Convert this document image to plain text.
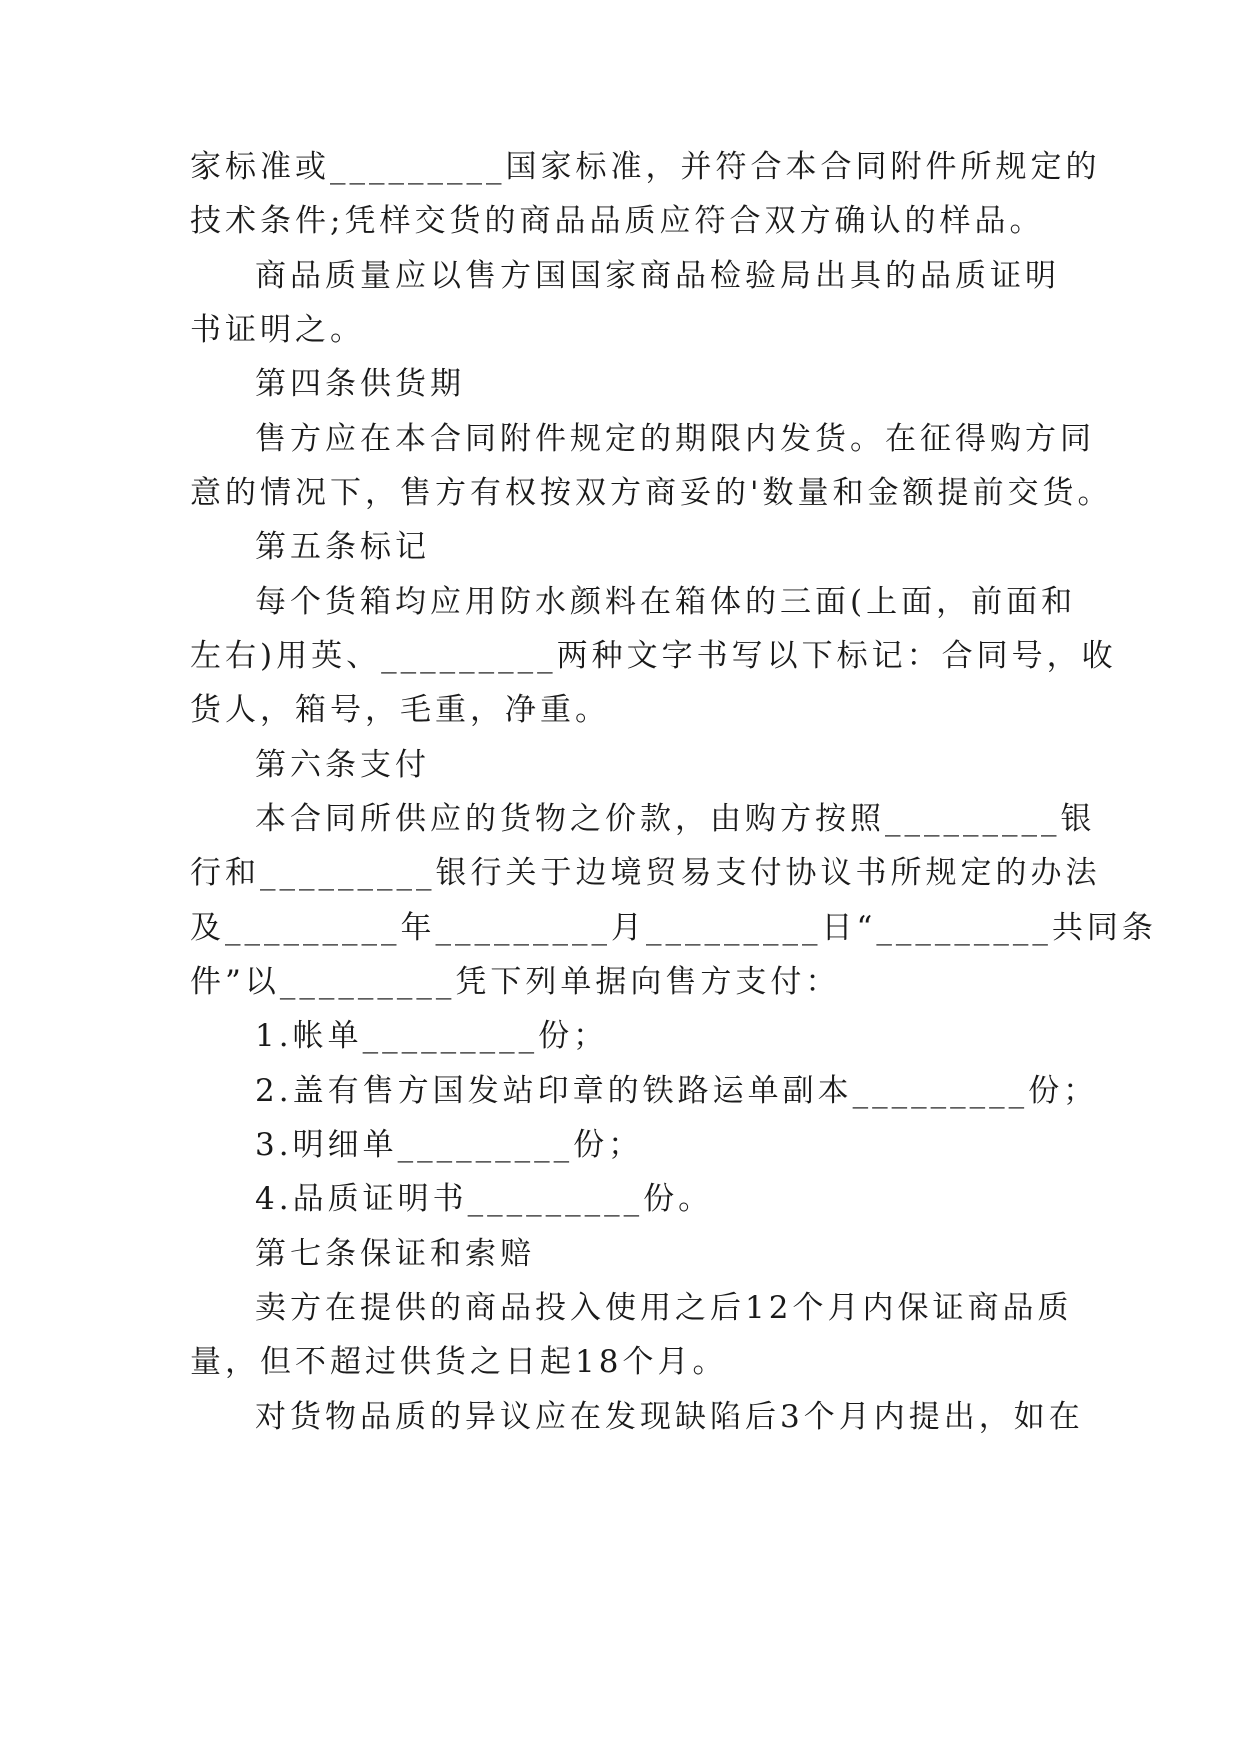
家标准或_________国家标准，并符合本合同附件所规定的
技术条件;凭样交货的商品品质应符合双方确认的样品。
商品质量应以售方国国家商品检验局出具的品质证明
书证明之。
第四条供货期
售方应在本合同附件规定的期限内发货。在征得购方同
意的情况下，售方有权按双方商妥的'数量和金额提前交货。
第五条标记
每个货箱均应用防水颜料在箱体的三面(上面，前面和
左右)用英、_________两种文字书写以下标记：合同号，收
货人，箱号，毛重，净重。
第六条支付
本合同所供应的货物之价款，由购方按照_________银
行和_________银行关于边境贸易支付协议书所规定的办法
及_________年_________月_________日“_________共同条
件”以_________凭下列单据向售方支付：
1.帐单_________份；
2.盖有售方国发站印章的铁路运单副本_________份；
3.明细单_________份；
4.品质证明书_________份。
第七条保证和索赔
卖方在提供的商品投入使用之后12个月内保证商品质
量，但不超过供货之日起18个月。
对货物品质的异议应在发现缺陷后3个月内提出，如在
